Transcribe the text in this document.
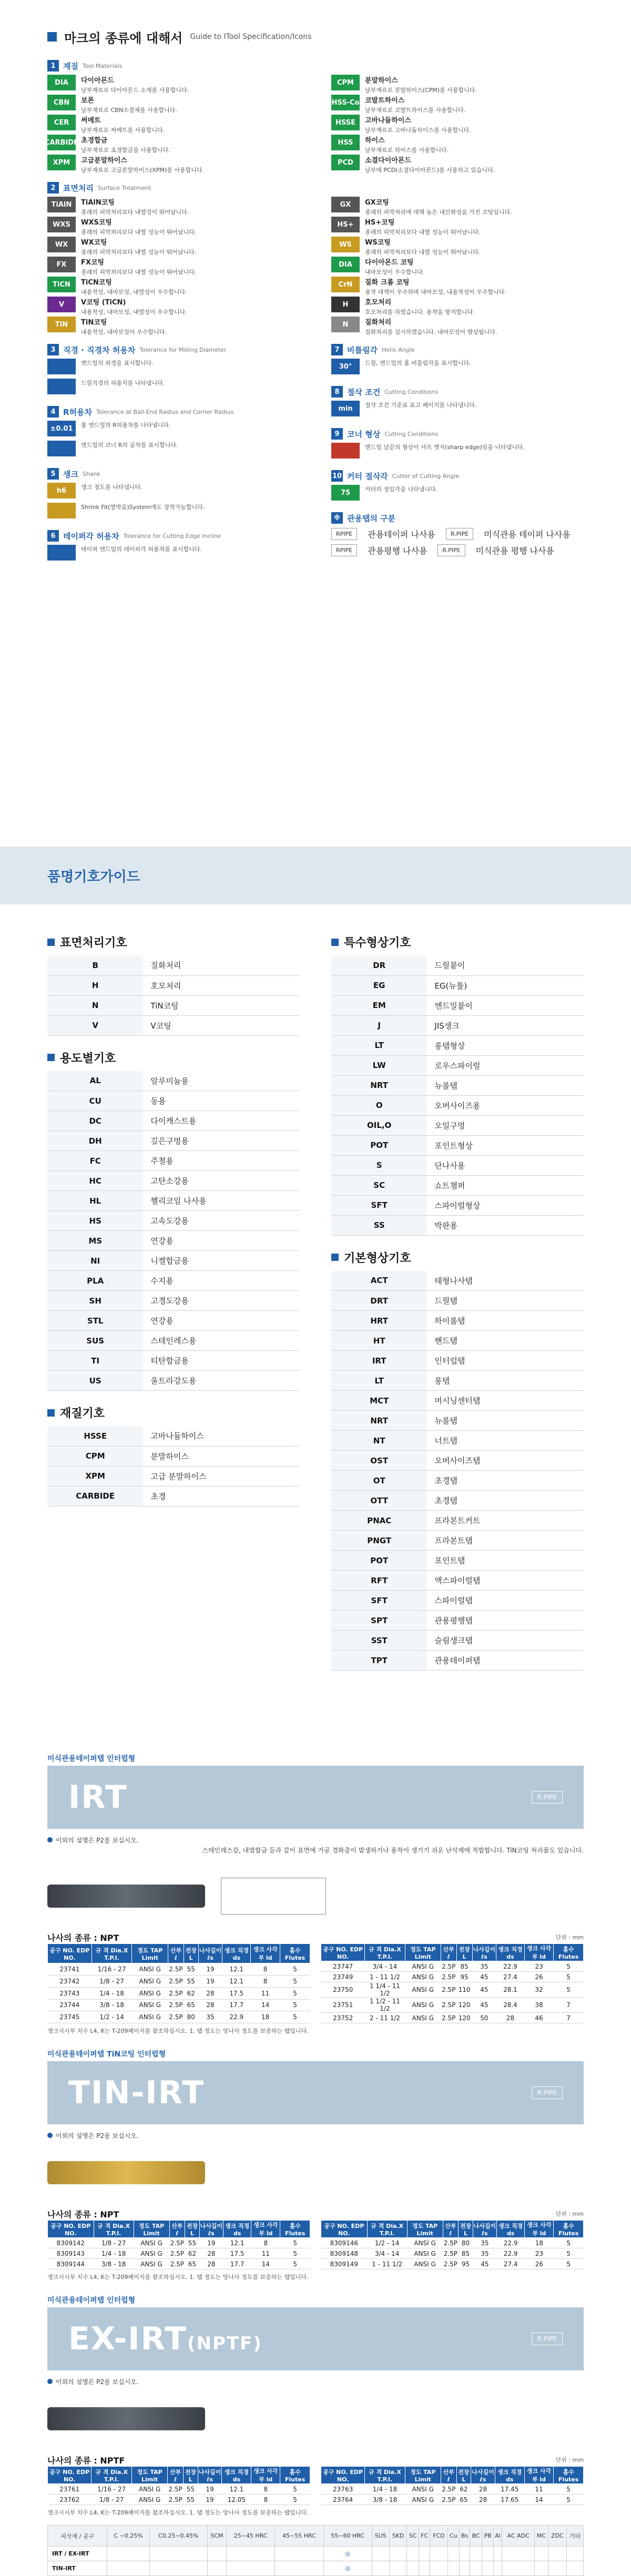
마크의 종류에 대해서 Guide to ITool Specification/Icons
1 재질 Tool Materials
DIA	다이아몬드
날부재료로 다이아몬드 소재를 사용합니다.
CBN	보론
날부재료로 CBN소결체를 사용합니다.
CER	써메트
날부재료로 써메트를 사용합니다.
CARBIDE 초경합금
날부재료로 초경합금을 사용합니다.
XPM	고급분말하이스
날부재료로 고급분말하이스(XPM)를 사용합니다.
2 표면처리 Surface Treatment
TiAlN	TiAlN코팅
종래의 피막처리보다 내열성이 뛰어납니다.
WXS	WXS코팅
종래의 피막처리보다 내열 성능이 뛰어납니다.
WX	WX코팅
종래의 피막처리보다 내열 성능이 뛰어납니다.
FX	FX코팅
종래의 피막처리보다 내열 성능이 뛰어납니다.
TiCN	TiCN코팅
내용착성, 내마모성, 내열성이 우수합니다.
V	V코팅 (TiCN)
내용착성, 내마모성, 내열성이 우수합니다.
TiN	TiN코팅
내용착성, 내마모성이 우수합니다.
3 직경 · 직경차 허용차 Tolerance for Milling Diameter
엔드밀의 외경을 표시합니다.
드릴직경의 허용치를 나타냅니다.
4 R허용차 Tolerance at Ball-End Radius and Corner Radius
±0.01	볼 엔드밀의 R허용차를 나타냅니다.
엔드밀의 코너 R의 공차를 표시합니다.
5 생크 Shank
h6	생크 정도를 나타냅니다.
Shrink Fit(열박음)System에도 장착가능합니다.
6 테이퍼각 허용차 Tolerance for Cutting Edge Incline
테이퍼 엔드밀의 테이퍼각 허용차를 표시합니다.
CPM	분말하이스
날부재료로 분말하이스(CPM)를 사용합니다.
HSS-Co 코발트하이스
날부재료로 코발트하이스를 사용합니다.
HSSE	고바나듐하이스
날부재료로 고바나듐하이스를 사용합니다.
HSS	하이스
날부재료로 하이스를 사용합니다.
PCD	소결다이아몬드
날부에 PCD(소결다이아몬드)를 사용하고 있습니다.
GX	GX코팅
종래의 피막처리에 대해 높은 내산화성을 가진 코팅입니다.
HS+	HS+코팅
종래의 피막처리보다 내열 성능이 뛰어납니다.
WS	WS코팅
종래의 피막처리보다 내열 성능이 뛰어납니다.
DIA	다이아몬드 코팅
내마모성이 우수합니다.
CrN	질화 크롬 코팅
용착 대책이 우수하며 내마모성, 내용착성이 우수합니다.
H	호모처리
호모처리를 하였습니다. 용착을 방지합니다.
N	질화처리
질화처리를 실시하였습니다. 내마모성이 향상됩니다.
7 비틀림각 Helix Angle
30°	드릴, 엔드밀의 홈 비틀림각을 표시합니다.
8 절삭 조건 Cutting Conditions
min	절삭 조건 기준표 표고 페이지를 나타냅니다.
9 코너 형상 Cutting Conditions
엔드밀 날끝의 형상이 샤프 엣지(sharp edge)임을 나타냅니다.
10 커터 절삭각 Cutter of Cutting Angle
75	커터의 절입각을 나타냅니다.
※ 관용탭의 구분
RPIPE	관용테이퍼 나사용	R.PIPE	미식관용 테이퍼 나사용
RPIPE	관용평행 나사용	R.PIPE	미식관용 평행 나사용
품명기호가이드
표면처리기호
B	질화처리
H	호모처리
N	TiN코팅
V	V코팅
용도별기호
AL	알루미늄용
CU	동용
DC	다이캐스트용
DH	깊은구멍용
FC	주철용
HC	고탄소강용
HL	헬리코일 나사용
HS	고속도강용
MS	연강용
NI	니켈합금용
PLA	수지용
SH	고경도강용
STL	연강용
SUS	스테인레스용
TI	티탄합금용
US	울트라강도용
재질기호
HSSE	고바나듐하이스
CPM	분말하이스
XPM	고급 분말하이스
CARBIDE	초경
특수형상기호
DR	드릴붙이
EG	EG(뉴툴)
EM	엔드밀붙이
J	JIS생크
LT	롱탭형상
LW	로우스파이럴
NRT	뉴롤탭
O	오버사이즈용
OIL,O	오일구멍
POT	포인트형상
S	단나사용
SC	쇼트챔퍼
SFT	스파이럴형상
SS	박판용
기본형상기호
ACT	태형나사탭
DRT	드릴탭
HRT	하이롤탭
HT	핸드탭
IRT	인터럽탭
LT	롱탭
MCT	머시닝센터탭
NRT	뉴롤탭
NT	너트탭
OST	오버사이즈탭
OT	초경탭
OTT	초경탭
PNAC	프라본트커트
PNGT	프라본트탭
POT	포인트탭
RFT	액스파이럴탭
SFT	스파이럴탭
SPT	관용평행탭
SST	슬림생크탭
TPT	관용테이퍼탭
미식관용테이퍼탭 인터럽형
IRT	R.PIPE
이외의 설명은 P2를 보십시오.
스테인레스강, 내열합금 등과 같이 표면에 가공 경화층이 발생하거나 용착이 생기기 쉬운 난삭재에 적합합니다. TiN코팅 처리품도 있습니다.
나사의 종류 : NPT	단위 : mm
공구 NO. EDP NO.	규 격 Dia.X T.P.I.	정도 TAP Limit	산부 ℓ	전장 L	나사길이 ℓs	생크 직경 ds	생크 사각부 ld	홈수 Flutes
23741	1/16 - 27	ANSI G	2.5P	55	19	12.1	8	5
23742	1/8 - 27	ANSI G	2.5P	55	19	12.1	8	5
23743	1/4 - 18	ANSI G	2.5P	62	28	17.5	11	5
23744	3/8 - 18	ANSI G	2.5P	65	28	17.7	14	5
23745	1/2 - 14	ANSI G	2.5P	80	35	22.9	18	5
공구 NO. EDP NO.	규 격 Dia.X T.P.I.	정도 TAP Limit	산부 ℓ	전장 L	나사길이 ℓs	생크 직경 ds	생크 사각부 ld	홈수 Flutes
23747	3/4 - 14	ANSI G	2.5P	85	35	22.9	23	5
23749	1 - 11 1/2	ANSI G	2.5P	95	45	27.4	26	5
23750	1 1/4 - 11 1/2	ANSI G	2.5P	110	45	28.1	32	5
23751	1 1/2 - 11 1/2	ANSI G	2.5P	120	45	28.4	38	7
23752	2 - 11 1/2	ANSI G	2.5P	120	50	28	46	7
생크시시부 치수 L4, K는 T-209페이지를 참조하십시오. 1. 탭 정도는 앙나사 정도를 보증하는 탭입니다.
미식관용테이퍼탭 TiN코팅 인터럽형
TIN-IRT	R.PIPE
이외의 설명은 P2를 보십시오.
나사의 종류 : NPT	단위 : mm
공구 NO. EDP NO.	규 격 Dia.X T.P.I.	정도 TAP Limit	산부 ℓ	전장 L	나사길이 ℓs	생크 직경 ds	생크 사각부 ld	홈수 Flutes
8309142	1/8 - 27	ANSI G	2.5P	55	19	12.1	8	5
8309143	1/4 - 18	ANSI G	2.5P	62	28	17.5	11	5
8309144	3/8 - 18	ANSI G	2.5P	65	28	17.7	14	5
공구 NO. EDP NO.	규 격 Dia.X T.P.I.	정도 TAP Limit	산부 ℓ	전장 L	나사길이 ℓs	생크 직경 ds	생크 사각부 ld	홈수 Flutes
8309146	1/2 - 14	ANSI G	2.5P	80	35	22.9	18	5
8309148	3/4 - 14	ANSI G	2.5P	85	35	22.9	23	5
8309149	1 - 11 1/2	ANSI G	2.5P	95	45	27.4	26	5
생크시시부 치수 L4, K는 T-209페이지를 참조하십시오. 1. 탭 정도는 앙나사 정도를 보증하는 탭입니다.
미식관용테이퍼탭 인터럽형
EX-IRT(NPTF)	R.PIPE
이외의 설명은 P2를 보십시오.
나사의 종류 : NPTF	단위 : mm
공구 NO. EDP NO.	규 격 Dia.X T.P.I.	정도 TAP Limit	산부 ℓ	전장 L	나사길이 ℓs	생크 직경 ds	생크 사각부 ld	홈수 Flutes
23761	1/16 - 27	ANSI G	2.5P	55	19	12.1	8	5
23762	1/8 - 27	ANSI G	2.5P	55	19	12.05	8	5
공구 NO. EDP NO.	규 격 Dia.X T.P.I.	정도 TAP Limit	산부 ℓ	전장 L	나사길이 ℓs	생크 직경 ds	생크 사각부 ld	홈수 Flutes
23763	1/4 - 18	ANSI G	2.5P	62	28	17.45	11	5
23764	3/8 - 18	ANSI G	2.5P	65	28	17.65	14	5
생크시시부 치수 L4, K는 T-209페이지를 참조하십시오. 1. 탭 정도는 앙나사 정도를 보증하는 탭입니다.
피삭재 / 공구	C ~0.25%	C0.25~0.45%	SCM	25~45 HRC	45~55 HRC	55~60 HRC	SUS	SKD	SC	FC	FCD	Cu	Bs	BC	PB	Al	AC ADC	MC	ZDC	기타
IRT / EX-IRT						◎														
TIN-IRT						◎														
